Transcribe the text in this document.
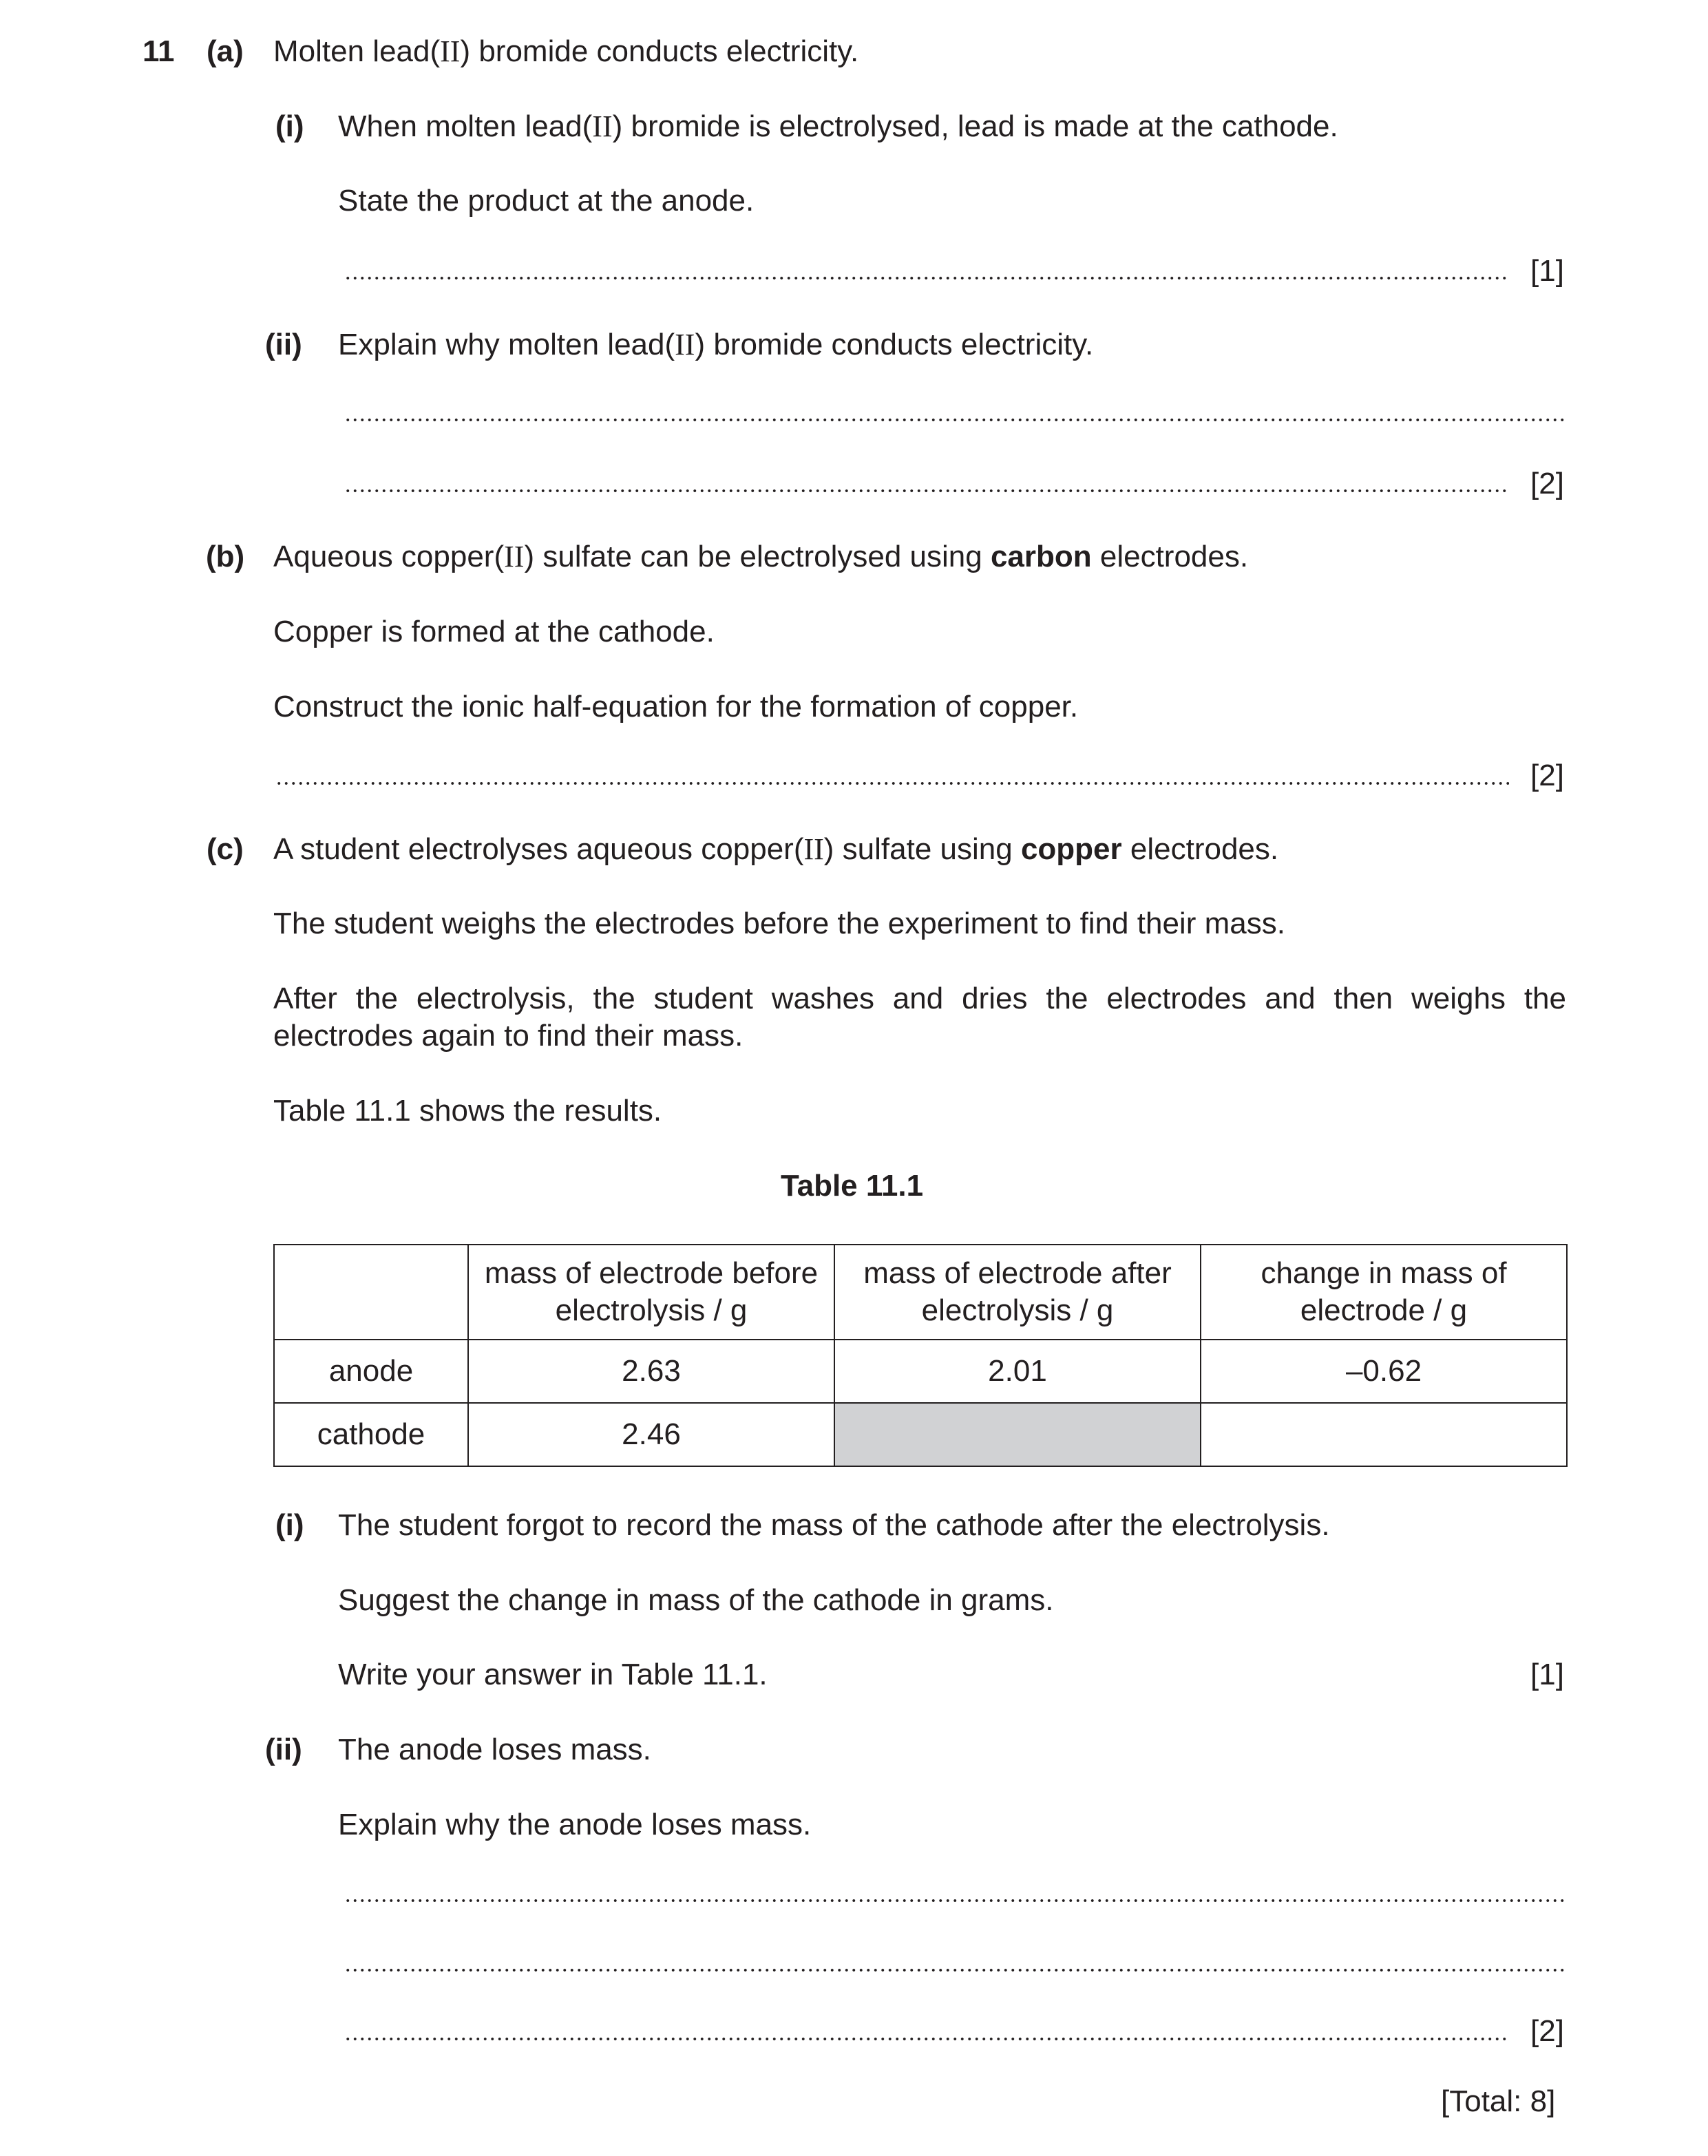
11 (a) Molten lead(II) bromide conducts electricity.
(i) When molten lead(II) bromide is electrolysed, lead is made at the cathode.
State the product at the anode.
[1]
(ii) Explain why molten lead(II) bromide conducts electricity.
[2]
(b) Aqueous copper(II) sulfate can be electrolysed using carbon electrodes.
Copper is formed at the cathode.
Construct the ionic half-equation for the formation of copper.
[2]
(c) A student electrolyses aqueous copper(II) sulfate using copper electrodes.
The student weighs the electrodes before the experiment to find their mass.
After the electrolysis, the student washes and dries the electrodes and then weighs the electrodes again to find their mass.
Table 11.1 shows the results.
Table 11.1
	mass of electrode before electrolysis / g	mass of electrode after electrolysis / g	change in mass of electrode / g
anode	2.63	2.01	–0.62
cathode	2.46		
(i) The student forgot to record the mass of the cathode after the electrolysis.
Suggest the change in mass of the cathode in grams.
Write your answer in Table 11.1.	[1]
(ii) The anode loses mass.
Explain why the anode loses mass.
[2]
[Total: 8]
